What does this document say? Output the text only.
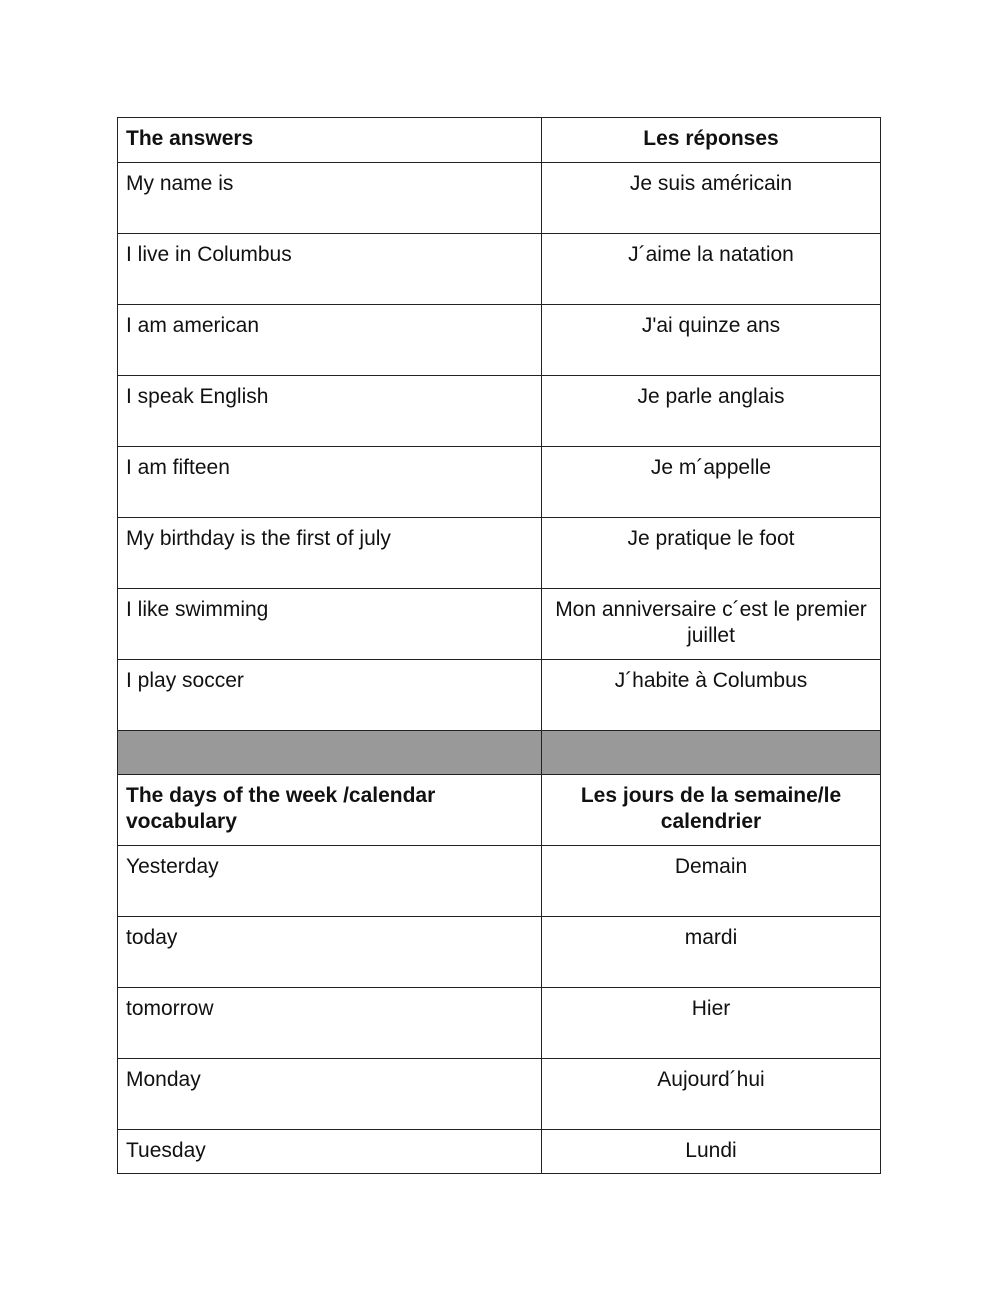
The answers	Les réponses
My name is	Je suis américain
I live in Columbus	J´aime la natation
I am american	J'ai quinze ans
I speak English	Je parle anglais
I am fifteen	Je m´appelle
My birthday is the first of july	Je pratique le foot
I like swimming	Mon anniversaire c´est le premier juillet
I play soccer	J´habite à Columbus

The days of the week /calendar vocabulary	Les jours de la semaine/le calendrier
Yesterday	Demain
today	mardi
tomorrow	Hier
Monday	Aujourd´hui
Tuesday	Lundi
